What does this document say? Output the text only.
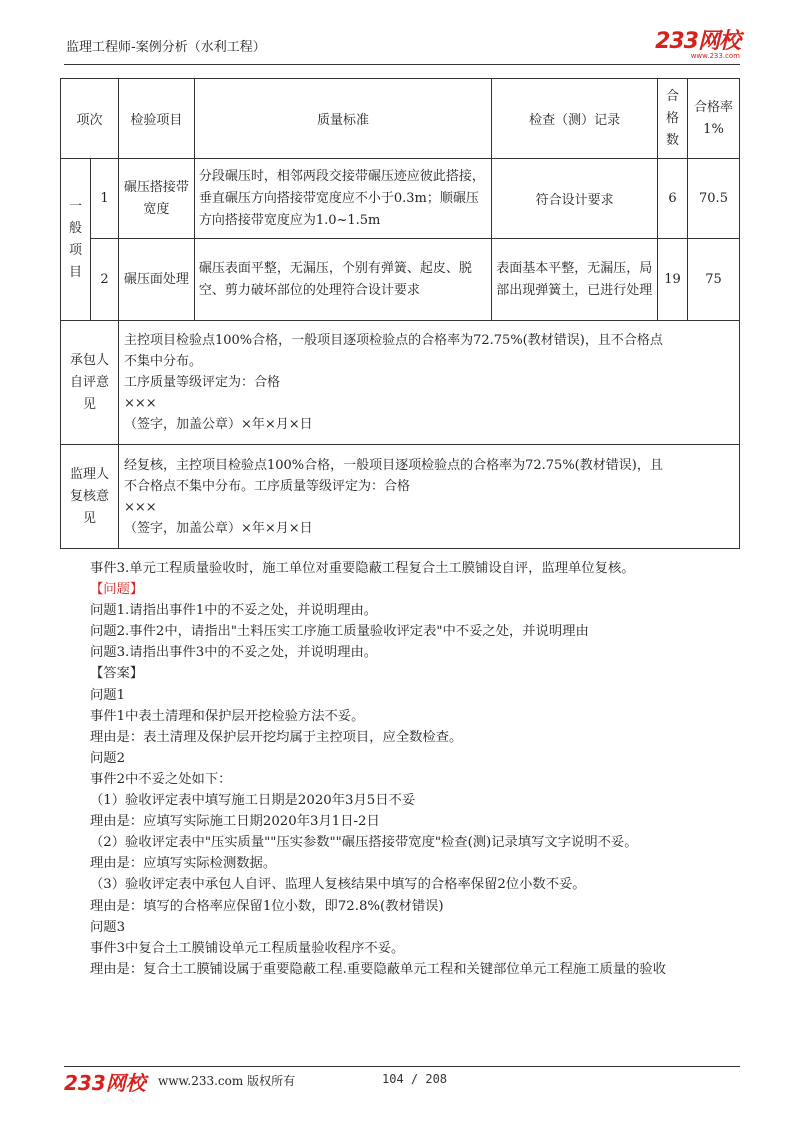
监理工程师-案例分析（水利工程）	233网校
www.233.com
项次		检验项目	质量标准	检查（测）记录	合格数	合格率1%
一般项目	1	碾压搭接带宽度	分段碾压时，相邻两段交接带碾压迹应彼此搭接，垂直碾压方向搭接带宽度应不小于0.3m；顺碾压方向搭接带宽度应为1.0~1.5m	符合设计要求	6	70.5
	2	碾压面处理	碾压表面平整，无漏压，个别有弹簧、起皮、脱空、剪力破坏部位的处理符合设计要求	表面基本平整，无漏压，局部出现弹簧土，已进行处理	19	75
承包人自评意见		主控项目检验点100%合格，一般项目逐项检验点的合格率为72.75%(教材错误)，且不合格点
不集中分布。
工序质量等级评定为：合格
×××
（签字，加盖公章）×年×月×日				

监理人复核意见		经复核，主控项目检验点100%合格，一般项目逐项检验点的合格率为72.75%(教材错误)，且
不合格点不集中分布。工序质量等级评定为：合格
×××
（签字，加盖公章）×年×月×日				
事件3.单元工程质量验收时，施工单位对重要隐蔽工程复合土工膜铺设自评，监理单位复核。
【问题】
问题1.请指出事件1中的不妥之处，并说明理由。
问题2.事件2中，请指出"土料压实工序施工质量验收评定表"中不妥之处，并说明理由
问题3.请指出事件3中的不妥之处，并说明理由。
【答案】
问题1
事件1中表土清理和保护层开挖检验方法不妥。
理由是：表土清理及保护层开挖均属于主控项目，应全数检查。
问题2
事件2中不妥之处如下：
（1）验收评定表中填写施工日期是2020年3月5日不妥
理由是：应填写实际施工日期2020年3月1日-2日
（2）验收评定表中"压实质量""压实参数""碾压搭接带宽度"检查(测)记录填写文字说明不妥。
理由是：应填写实际检测数据。
（3）验收评定表中承包人自评、监理人复核结果中填写的合格率保留2位小数不妥。
理由是：填写的合格率应保留1位小数，即72.8%(教材错误)
问题3
事件3中复合土工膜铺设单元工程质量验收程序不妥。
理由是：复合土工膜铺设属于重要隐蔽工程.重要隐蔽单元工程和关键部位单元工程施工质量的验收
233网校 www.233.com 版权所有	104 / 208
